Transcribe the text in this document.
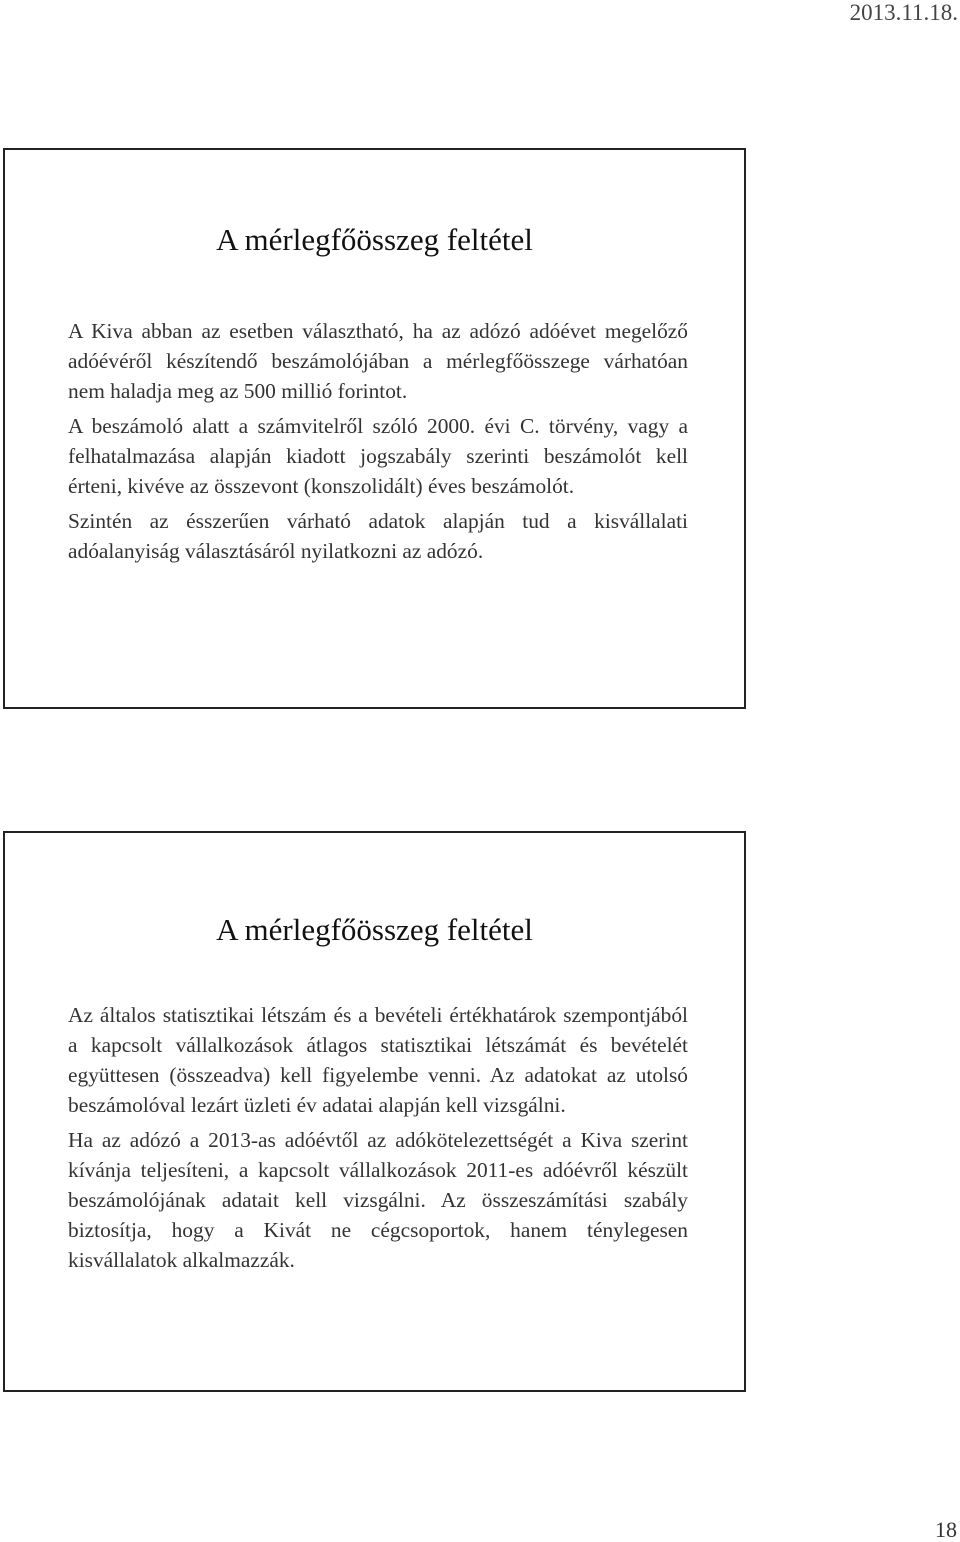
2013.11.18.
A mérlegfőösszeg feltétel

A Kiva abban az esetben választható, ha az adózó adóévet megelőző adóévéről készítendő beszámolójában a mérlegfőösszege várhatóan nem haladja meg az 500 millió forintot.

A beszámoló alatt a számvitelről szóló 2000. évi C. törvény, vagy a felhatalmazása alapján kiadott jogszabály szerinti beszámolót kell érteni, kivéve az összevont (konszolidált) éves beszámolót.

Szintén az ésszerűen várható adatok alapján tud a kisvállalati adóalanyiság választásáról nyilatkozni az adózó.

A mérlegfőösszeg feltétel

Az általos statisztikai létszám és a bevételi értékhatárok szempontjából a kapcsolt vállalkozások átlagos statisztikai létszámát és bevételét együttesen (összeadva) kell figyelembe venni. Az adatokat az utolsó beszámolóval lezárt üzleti év adatai alapján kell vizsgálni.

Ha az adózó a 2013-as adóévtől az adókötelezettségét a Kiva szerint kívánja teljesíteni, a kapcsolt vállalkozások 2011-es adóévről készült beszámolójának adatait kell vizsgálni. Az összeszámítási szabály biztosítja, hogy a Kivát ne cégcsoportok, hanem ténylegesen kisvállalatok alkalmazzák.

18
